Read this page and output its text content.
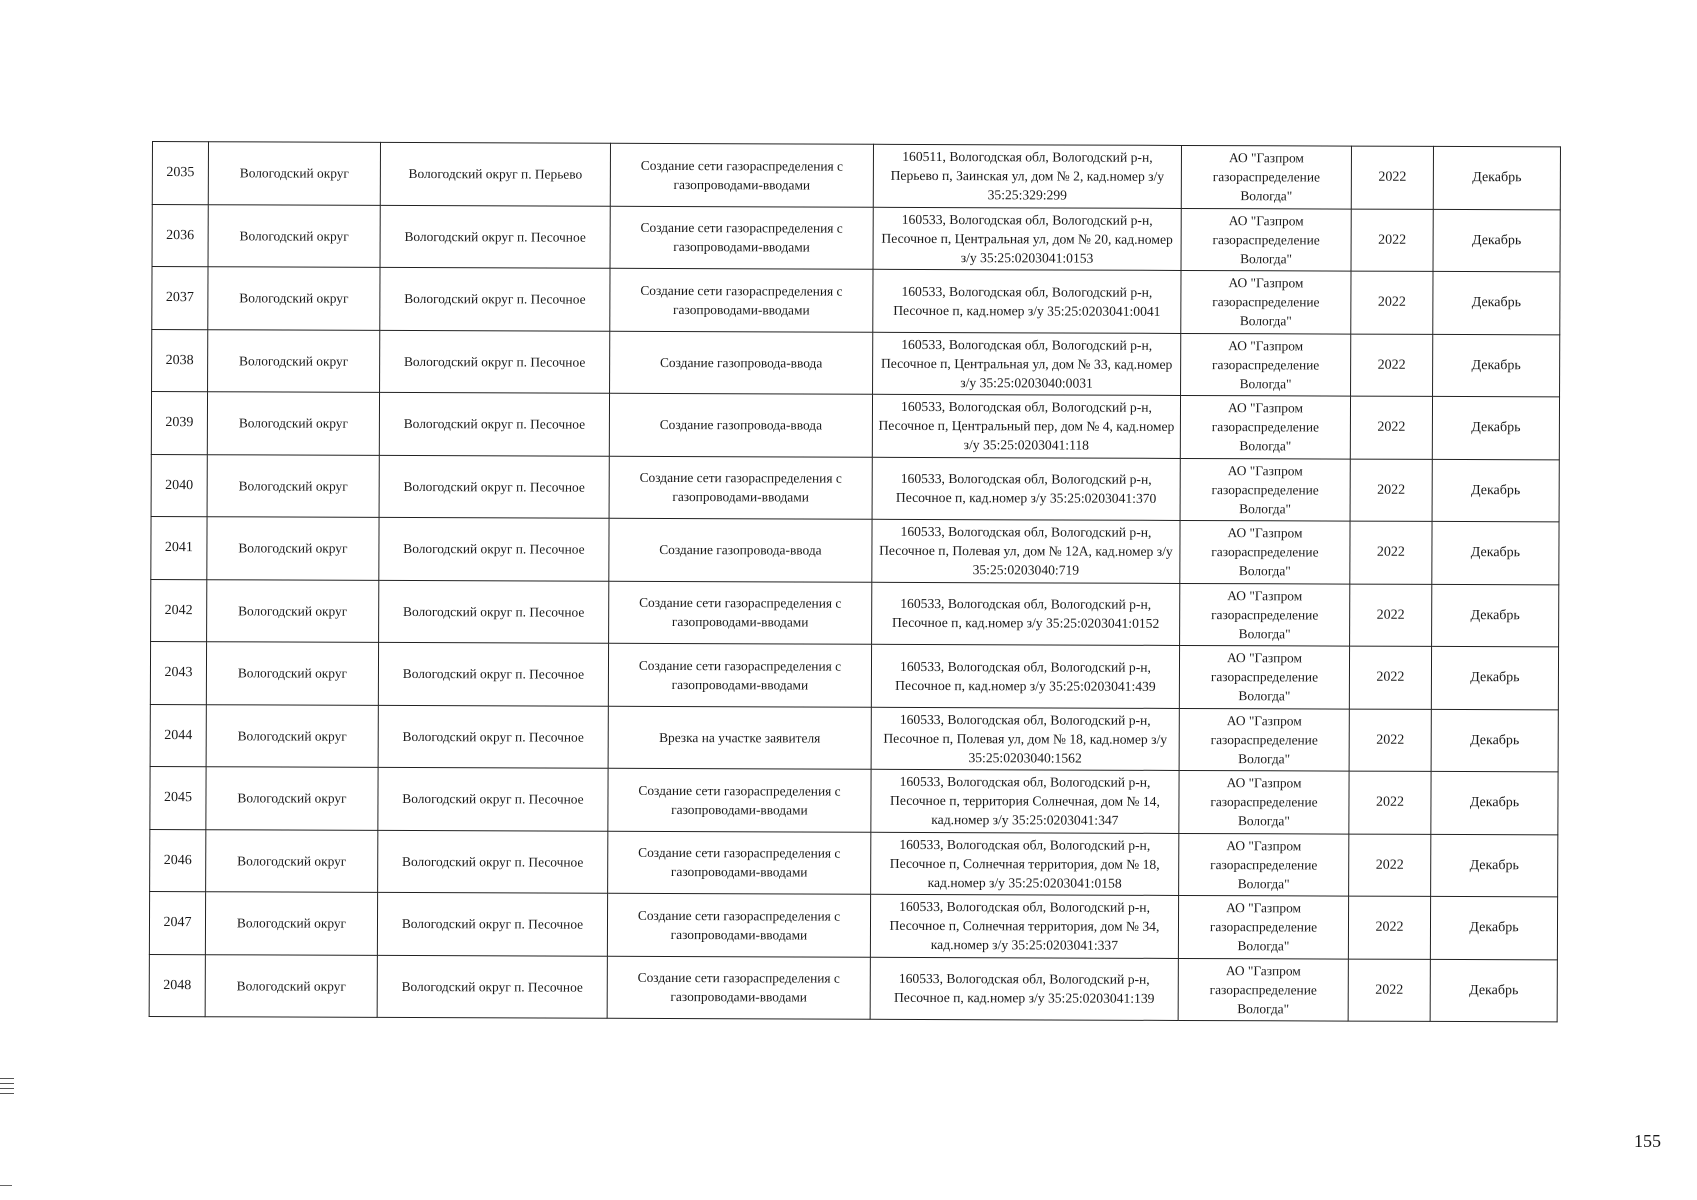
2035	Вологодский округ	Вологодский округ п. Перьево	Создание сети газораспределения с газопроводами-вводами	160511, Вологодская обл, Вологодский р-н, Перьево п, Заинская ул, дом № 2, кад.номер з/у 35:25:329:299	АО "Газпром газораспределение Вологда"	2022	Декабрь
2036	Вологодский округ	Вологодский округ п. Песочное	Создание сети газораспределения с газопроводами-вводами	160533, Вологодская обл, Вологодский р-н, Песочное п, Центральная ул, дом № 20, кад.номер з/у 35:25:0203041:0153	АО "Газпром газораспределение Вологда"	2022	Декабрь
2037	Вологодский округ	Вологодский округ п. Песочное	Создание сети газораспределения с газопроводами-вводами	160533, Вологодская обл, Вологодский р-н, Песочное п, кад.номер з/у 35:25:0203041:0041	АО "Газпром газораспределение Вологда"	2022	Декабрь
2038	Вологодский округ	Вологодский округ п. Песочное	Создание газопровода-ввода	160533, Вологодская обл, Вологодский р-н, Песочное п, Центральная ул, дом № 33, кад.номер з/у 35:25:0203040:0031	АО "Газпром газораспределение Вологда"	2022	Декабрь
2039	Вологодский округ	Вологодский округ п. Песочное	Создание газопровода-ввода	160533, Вологодская обл, Вологодский р-н, Песочное п, Центральный пер, дом № 4, кад.номер з/у 35:25:0203041:118	АО "Газпром газораспределение Вологда"	2022	Декабрь
2040	Вологодский округ	Вологодский округ п. Песочное	Создание сети газораспределения с газопроводами-вводами	160533, Вологодская обл, Вологодский р-н, Песочное п, кад.номер з/у 35:25:0203041:370	АО "Газпром газораспределение Вологда"	2022	Декабрь
2041	Вологодский округ	Вологодский округ п. Песочное	Создание газопровода-ввода	160533, Вологодская обл, Вологодский р-н, Песочное п, Полевая ул, дом № 12А, кад.номер з/у 35:25:0203040:719	АО "Газпром газораспределение Вологда"	2022	Декабрь
2042	Вологодский округ	Вологодский округ п. Песочное	Создание сети газораспределения с газопроводами-вводами	160533, Вологодская обл, Вологодский р-н, Песочное п, кад.номер з/у 35:25:0203041:0152	АО "Газпром газораспределение Вологда"	2022	Декабрь
2043	Вологодский округ	Вологодский округ п. Песочное	Создание сети газораспределения с газопроводами-вводами	160533, Вологодская обл, Вологодский р-н, Песочное п, кад.номер з/у 35:25:0203041:439	АО "Газпром газораспределение Вологда"	2022	Декабрь
2044	Вологодский округ	Вологодский округ п. Песочное	Врезка на участке заявителя	160533, Вологодская обл, Вологодский р-н, Песочное п, Полевая ул, дом № 18, кад.номер з/у 35:25:0203040:1562	АО "Газпром газораспределение Вологда"	2022	Декабрь
2045	Вологодский округ	Вологодский округ п. Песочное	Создание сети газораспределения с газопроводами-вводами	160533, Вологодская обл, Вологодский р-н, Песочное п, территория Солнечная, дом № 14, кад.номер з/у 35:25:0203041:347	АО "Газпром газораспределение Вологда"	2022	Декабрь
2046	Вологодский округ	Вологодский округ п. Песочное	Создание сети газораспределения с газопроводами-вводами	160533, Вологодская обл, Вологодский р-н, Песочное п, Солнечная территория, дом № 18, кад.номер з/у 35:25:0203041:0158	АО "Газпром газораспределение Вологда"	2022	Декабрь
2047	Вологодский округ	Вологодский округ п. Песочное	Создание сети газораспределения с газопроводами-вводами	160533, Вологодская обл, Вологодский р-н, Песочное п, Солнечная территория, дом № 34, кад.номер з/у 35:25:0203041:337	АО "Газпром газораспределение Вологда"	2022	Декабрь
2048	Вологодский округ	Вологодский округ п. Песочное	Создание сети газораспределения с газопроводами-вводами	160533, Вологодская обл, Вологодский р-н, Песочное п, кад.номер з/у 35:25:0203041:139	АО "Газпром газораспределение Вологда"	2022	Декабрь
155
